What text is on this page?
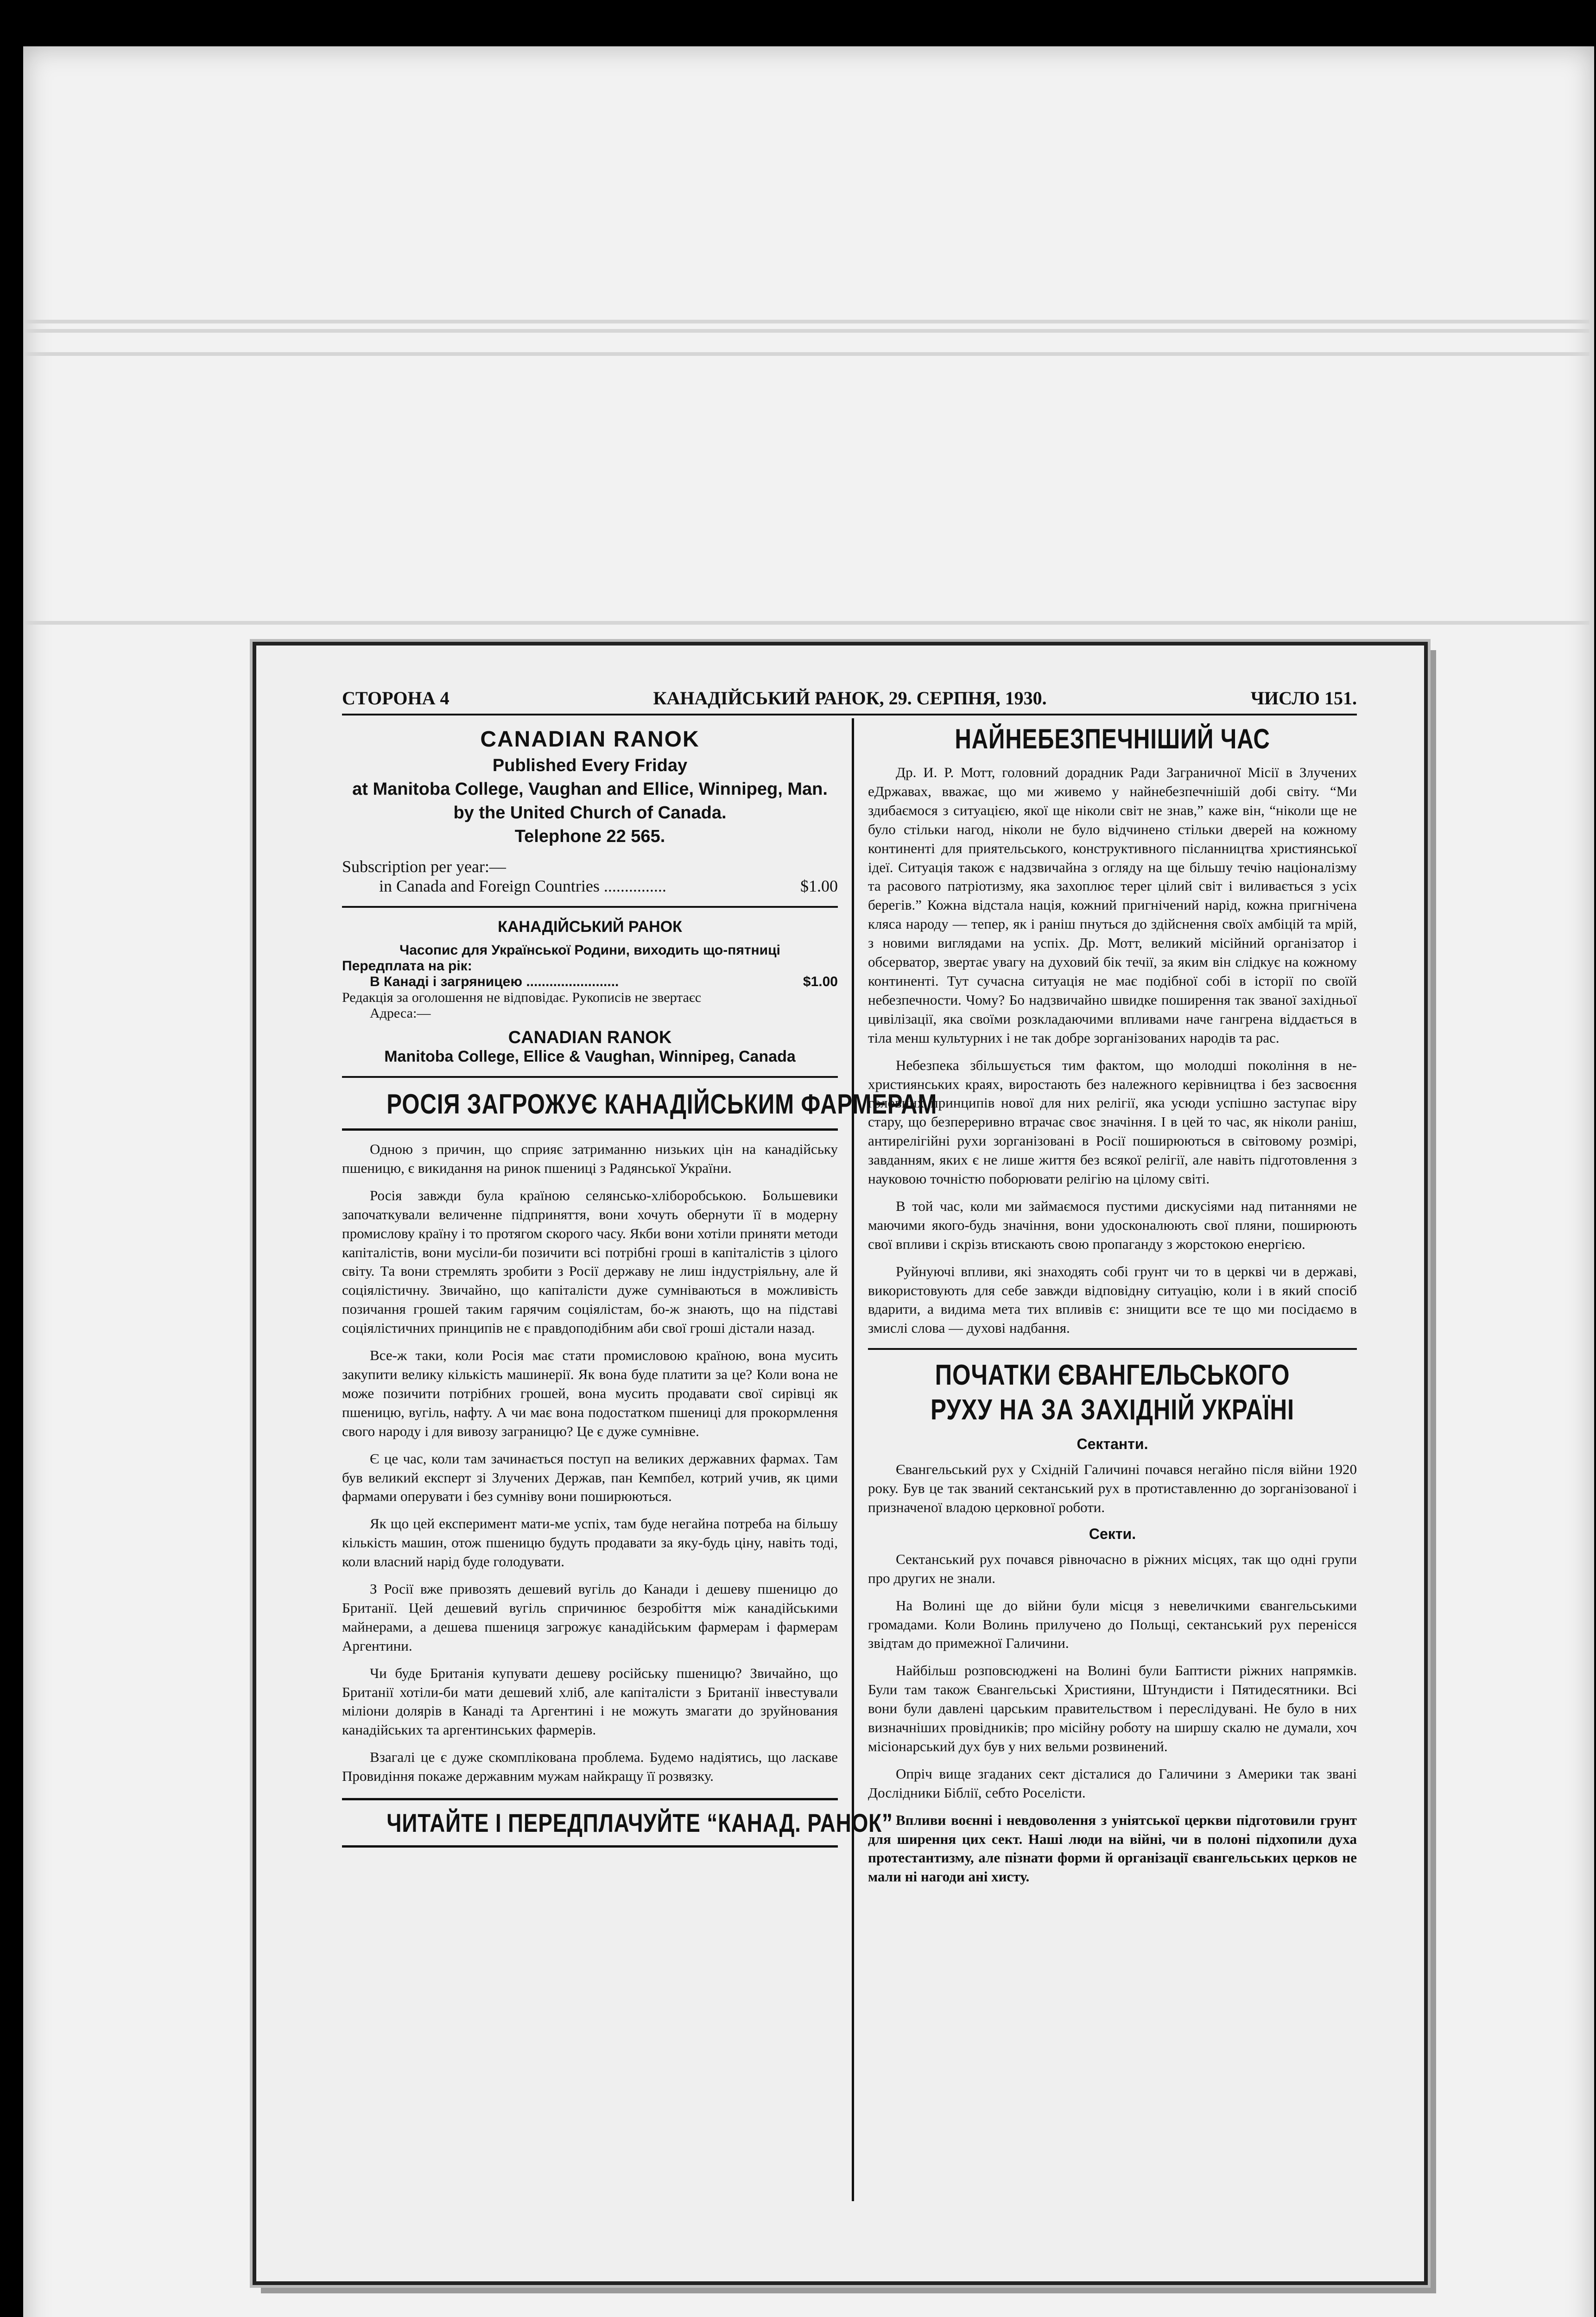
СТОРОНА 4	КАНАДІЙСЬКИЙ РАНОК, 29. СЕРПНЯ, 1930.	ЧИСЛО 151.
CANADIAN RANOK
Published Every Friday
at Manitoba College, Vaughan and Ellice, Winnipeg, Man.
by the United Church of Canada.
Telephone 22 565.
Subscription per year:—
in Canada and Foreign Countries ...............	$1.00
КАНАДІЙСЬКИЙ РАНОК
Часопис для Української Родини, виходить що-пятниці
Передплата на рік:
В Канаді і загряницею ........................	$1.00
Редакція за оголошення не відповідає. Рукописів не звертаєс
Адреса:—
CANADIAN RANOK
Manitoba College, Ellice & Vaughan, Winnipeg, Canada
РОСІЯ ЗАГРОЖУЄ КАНАДІЙСЬКИМ ФАРМЕРАМ

Одною з причин, що сприяє затриманню низьких цін на канадійську пшеницю, є викидання на ринок пшениці з Радянської України.

Росія завжди була країною селянсько-хліборобською. Большевики започаткували величенне підприняття, вони хочуть обернути її в модерну промислову країну і то протягом скорого часу. Якби вони хотіли приняти методи капіталістів, вони мусіли-би позичити всі потрібні гроші в капіталістів з цілого світу. Та вони стремлять зробити з Росії державу не лиш індустріяльну, але й соціялістичну. Звичайно, що капіталісти дуже сумніваються в можливість позичання грошей таким гарячим соціялістам, бо-ж знають, що на підставі соціялістичних принципів не є правдоподібним аби свої гроші дістали назад.

Все-ж таки, коли Росія має стати промисловою країною, вона мусить закупити велику кількість машинерії. Як вона буде платити за це? Коли вона не може позичити потрібних грошей, вона мусить продавати свої сирівці як пшеницю, вугіль, нафту. А чи має вона подостатком пшениці для прокормлення свого народу і для вивозу заграницю? Це є дуже сумнівне.

Є це час, коли там зачинається поступ на великих державних фармах. Там був великий експерт зі Злучених Держав, пан Кемпбел, котрий учив, як цими фармами оперувати і без сумніву вони поширюються.

Як що цей експеримент мати-ме успіх, там буде негайна потреба на більшу кількість машин, отож пшеницю будуть продавати за яку-будь ціну, навіть тоді, коли власний нарід буде голодувати.

З Росії вже привозять дешевий вугіль до Канади і дешеву пшеницю до Британії. Цей дешевий вугіль спричинює безробіття між канадійськими майнерами, а дешева пшениця загрожує канадійським фармерам і фармерам Аргентини.

Чи буде Британія купувати дешеву російську пшеницю? Звичайно, що Британії хотіли-би мати дешевий хліб, але капіталісти з Британії інвестували міліони долярів в Канаді та Аргентині і не можуть змагати до зруйнования канадійських та аргентинських фармерів.

Взагалі це є дуже скомплікована проблема. Будемо надіятись, що ласкаве Провидіння покаже державним мужам найкращу її розвязку.

ЧИТАЙТЕ І ПЕРЕДПЛАЧУЙТЕ “КАНАД. РАНОК”
НАЙНЕБЕЗПЕЧНІШИЙ ЧАС

Др. И. Р. Мотт, головний дорадник Ради Заграничної Місії в Злучених еДржавах, вважає, що ми живемо у найнебезпечнішій добі світу. “Ми здибаємося з ситуацією, якої ще ніколи світ не знав,” каже він, “ніколи ще не було стільки нагод, ніколи не було відчинено стільки дверей на кожному континенті для приятельського, конструктивного післанництва християнської ідеї. Ситуація також є надзвичайна з огляду на ще більшу течію націоналізму та расового патріотизму, яка захоплює теper цілий світ і виливається з усіх берегів.” Кожна відсталa нація, кожний пригнічений нарід, кожна пригнічена кляса народу — тепер, як і раніш пнуться до здійснення своїх амбіцій та мрій, з новими виглядами на успіх. Др. Мотт, великий місійний організатор і обсерватор, звертає увагу на духовий бік течії, за яким він слідкує на кожному континенті. Тут сучасна ситуація не має подібної собі в історії по своїй небезпечности. Чому? Бо надзвичайно швидке поширення так званої західньої цивілізації, яка своїми розкладаючими впливами наче гангрена віддається в тіла менш культурних і не так добре зорганізованих народів та рас.

Небезпека збільшується тим фактом, що молодші покоління в не-християнських краях, виростають без належного керівництва і без засвоєння головних принципів нової для них релігії, яка усюди успішно заступає віру стару, що безпереривно втрачає своє значіння. І в цей то час, як ніколи раніш, антирелігійні рухи зорганізовані в Росії поширюються в світовому розмірі, завданням, яких є не лише життя без всякої релігії, але навіть підготовлення з науковою точністю поборювати релігію на цілому світі.

В той час, коли ми займаємося пустими дискусіями над питаннями не маючими якого-будь значіння, вони удосконалюють свої пляни, поширюють свої впливи і скрізь втискають свою пропаганду з жорстокою енергією.

Руйнуючі впливи, які знаходять собі грунт чи то в церкві чи в державі, використовують для себе завжди відповідну ситуацію, коли і в який спосіб вдарити, а видима мета тих впливів є: знищити все те що ми посідаємо в змислі слова — духові надбання.

ПОЧАТКИ ЄВАНГЕЛЬСЬКОГО РУХУ НА ЗА ЗАХІДНІЙ УКРАЇНІ
Сектанти.

Євангельський рух у Східній Галичині почався негайно після війни 1920 року. Був це так званий сектанський рух в протиставленню до зорганізованої і призначеної владою церковної роботи.

Секти.

Сектанський рух почався рівночасно в ріжних місцях, так що одні групи про других не знали.

На Волині ще до війни були місця з невеличкими євангельськими громадами. Коли Волинь прилучено до Польщі, сектанський рух перенісся звідтам до примежної Галичини.

Найбільш розповсюджені на Волині були Баптисти ріжних напрямків. Були там також Євангельські Християни, Штундисти і Пятидесятники. Всі вони були давлені царським правительством і переслідувані. Не було в них визначніших провідників; про місійну роботу на ширшу скалю не думали, хоч місіонарський дух був у них вельми розвинений.

Опріч вище згаданих сект дісталися до Галичини з Америки так звані Дослідники Біблії, себто Роселісти.

Впливи воєнні і невдоволення з уніятської церкви підготовили грунт для ширення цих сект. Наші люди на війні, чи в полоні підхопили духа протестантизму, але пізнати форми й організації євангельських церков не мали ні нагоди ані хисту.
